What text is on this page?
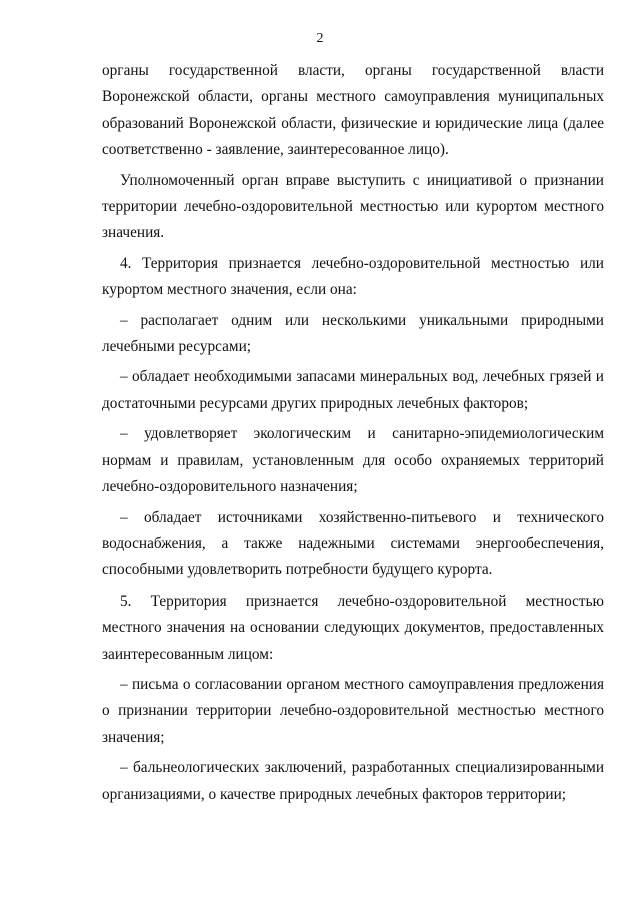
2

органы государственной власти, органы государственной власти Воронежской области, органы местного самоуправления муниципальных образований Воронежской области, физические и юридические лица (далее соответственно - заявление, заинтересованное лицо).

Уполномоченный орган вправе выступить с инициативой о признании территории лечебно-оздоровительной местностью или курортом местного значения.

4. Территория признается лечебно-оздоровительной местностью или курортом местного значения, если она:

– располагает одним или несколькими уникальными природными лечебными ресурсами;

– обладает необходимыми запасами минеральных вод, лечебных грязей и достаточными ресурсами других природных лечебных факторов;

– удовлетворяет экологическим и санитарно-эпидемиологическим нормам и правилам, установленным для особо охраняемых территорий лечебно-оздоровительного назначения;

– обладает источниками хозяйственно-питьевого и технического водоснабжения, а также надежными системами энергообеспечения, способными удовлетворить потребности будущего курорта.

5. Территория признается лечебно-оздоровительной местностью местного значения на основании следующих документов, предоставленных заинтересованным лицом:

– письма о согласовании органом местного самоуправления предложения о признании территории лечебно-оздоровительной местностью местного значения;

– бальнеологических заключений, разработанных специализированными организациями, о качестве природных лечебных факторов территории;
